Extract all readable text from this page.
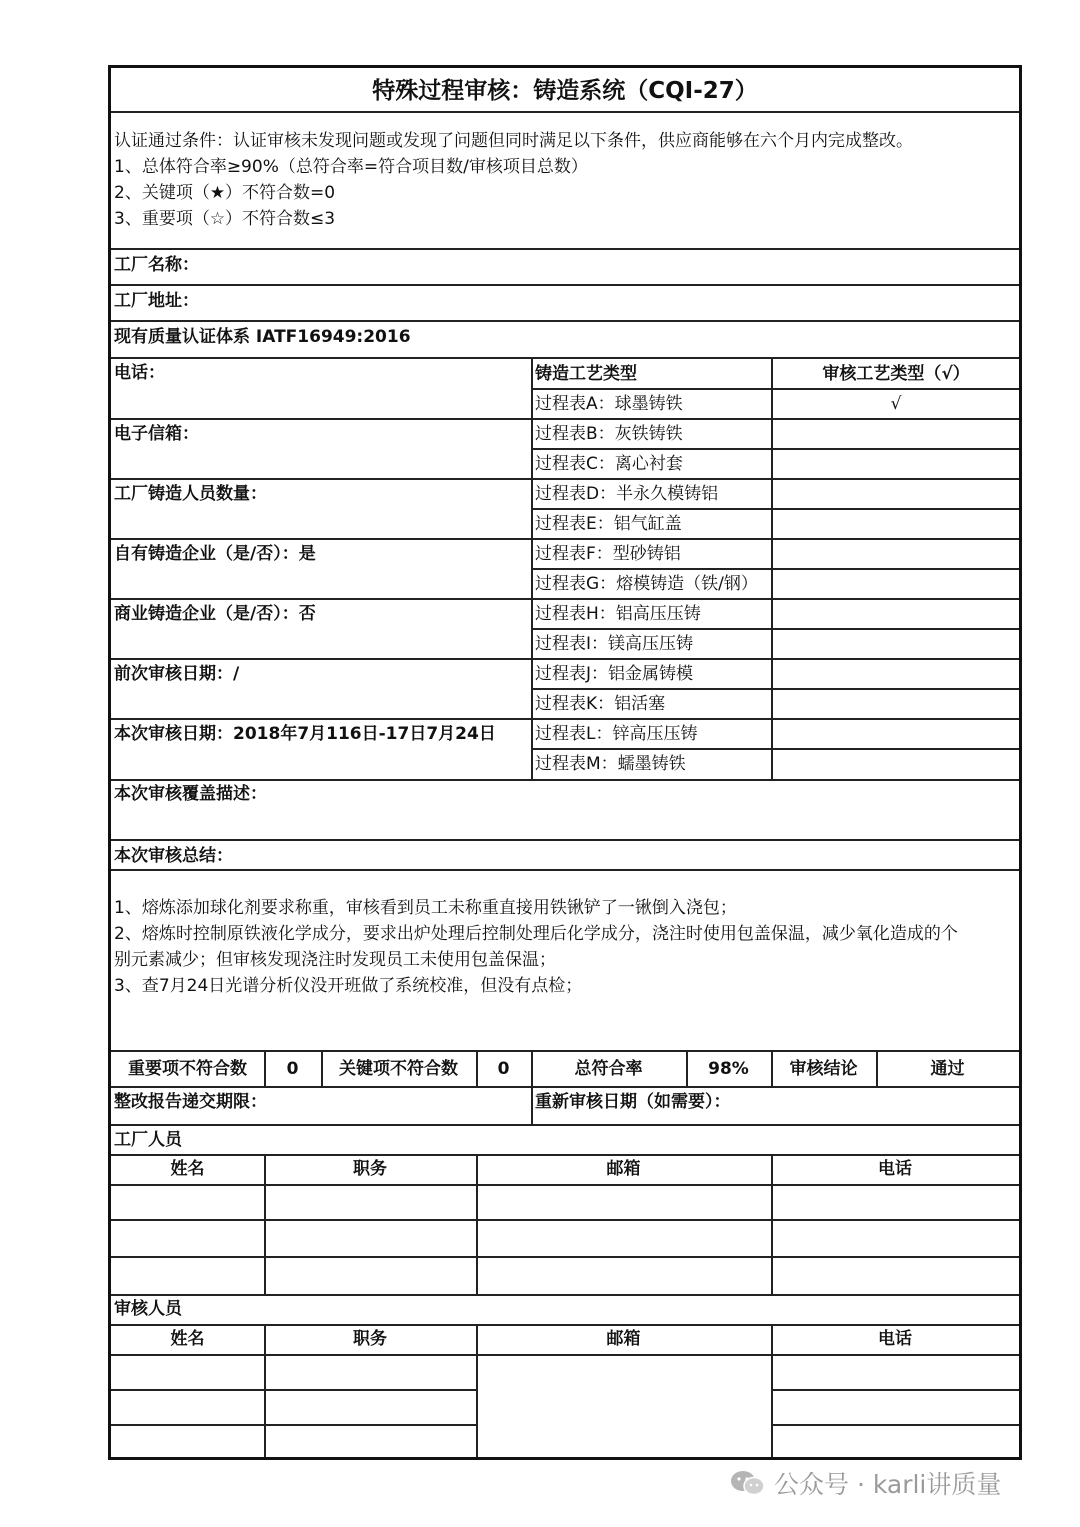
特殊过程审核：铸造系统（CQI-27）
认证通过条件：认证审核未发现问题或发现了问题但同时满足以下条件，供应商能够在六个月内完成整改。
1、总体符合率≥90%（总符合率=符合项目数/审核项目总数）
2、关键项（★）不符合数=0
3、重要项（☆）不符合数≤3
工厂名称：
工厂地址：
现有质量认证体系 IATF16949:2016
电话：
电子信箱：
工厂铸造人员数量：
自有铸造企业（是/否）：是
商业铸造企业（是/否）：否
前次审核日期：/
本次审核日期：2018年7月116日-17日7月24日
铸造工艺类型	审核工艺类型（√）
过程表A：球墨铸铁	√
过程表B：灰铁铸铁
过程表C：离心衬套
过程表D：半永久模铸铝
过程表E：铝气缸盖
过程表F：型砂铸铝
过程表G：熔模铸造（铁/钢）
过程表H：铝高压压铸
过程表I：镁高压压铸
过程表J：铝金属铸模
过程表K：铝活塞
过程表L：锌高压压铸
过程表M：蠕墨铸铁
本次审核覆盖描述：
本次审核总结：
1、熔炼添加球化剂要求称重，审核看到员工未称重直接用铁锹铲了一锹倒入浇包；
2、熔炼时控制原铁液化学成分，要求出炉处理后控制处理后化学成分，浇注时使用包盖保温，减少氧化造成的个
别元素减少；但审核发现浇注时发现员工未使用包盖保温；
3、查7月24日光谱分析仪没开班做了系统校准，但没有点检；
重要项不符合数	0	关键项不符合数	0	总符合率	98%	审核结论	通过
整改报告递交期限：	重新审核日期（如需要）：
工厂人员
姓名	职务	邮箱	电话
审核人员
姓名	职务	邮箱	电话
公众号 · karli讲质量
